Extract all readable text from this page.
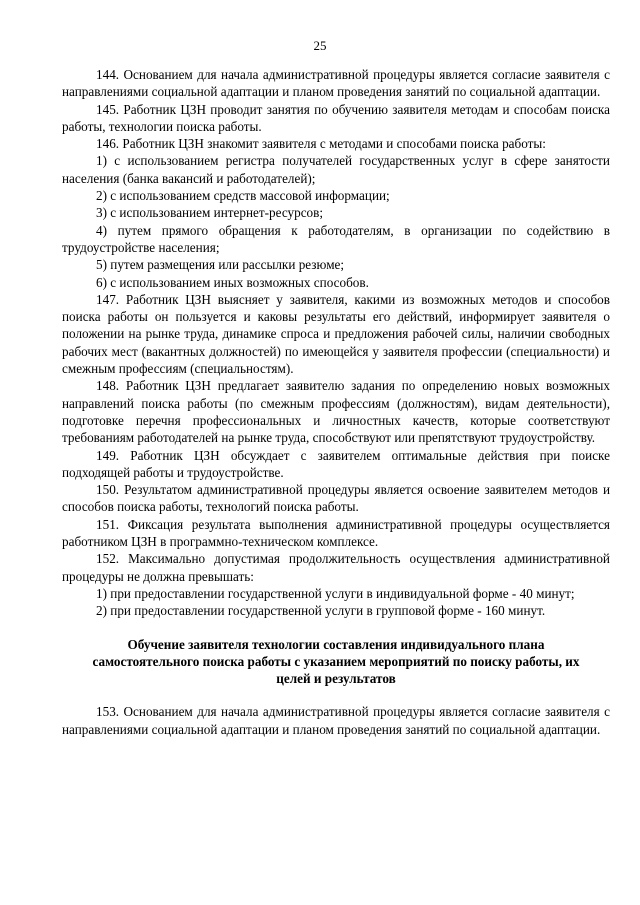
25

144. Основанием для начала административной процедуры является согласие заявителя с направлениями социальной адаптации и планом проведения занятий по социальной адаптации.

145. Работник ЦЗН проводит занятия по обучению заявителя методам и способам поиска работы, технологии поиска работы.

146. Работник ЦЗН знакомит заявителя с методами и способами поиска работы:

1) с использованием регистра получателей государственных услуг в сфере занятости населения (банка вакансий и работодателей);

2) с использованием средств массовой информации;

3) с использованием интернет-ресурсов;

4) путем прямого обращения к работодателям, в организации по содействию в трудоустройстве населения;

5) путем размещения или рассылки резюме;

6) с использованием иных возможных способов.

147. Работник ЦЗН выясняет у заявителя, какими из возможных методов и способов поиска работы он пользуется и каковы результаты его действий, информирует заявителя о положении на рынке труда, динамике спроса и предложения рабочей силы, наличии свободных рабочих мест (вакантных должностей) по имеющейся у заявителя профессии (специальности) и смежным профессиям (специальностям).

148. Работник ЦЗН предлагает заявителю задания по определению новых возможных направлений поиска работы (по смежным профессиям (должностям), видам деятельности), подготовке перечня профессиональных и личностных качеств, которые соответствуют требованиям работодателей на рынке труда, способствуют или препятствуют трудоустройству.

149. Работник ЦЗН обсуждает с заявителем оптимальные действия при поиске подходящей работы и трудоустройстве.

150. Результатом административной процедуры является освоение заявителем методов и способов поиска работы, технологий поиска работы.

151. Фиксация результата выполнения административной процедуры осуществляется работником ЦЗН в программно-техническом комплексе.

152. Максимально допустимая продолжительность осуществления административной процедуры не должна превышать:

1) при предоставлении государственной услуги в индивидуальной форме - 40 минут;

2) при предоставлении государственной услуги в групповой форме - 160 минут.

Обучение заявителя технологии составления индивидуального плана самостоятельного поиска работы с указанием мероприятий по поиску работы, их целей и результатов

153. Основанием для начала административной процедуры является согласие заявителя с направлениями социальной адаптации и планом проведения занятий по социальной адаптации.
